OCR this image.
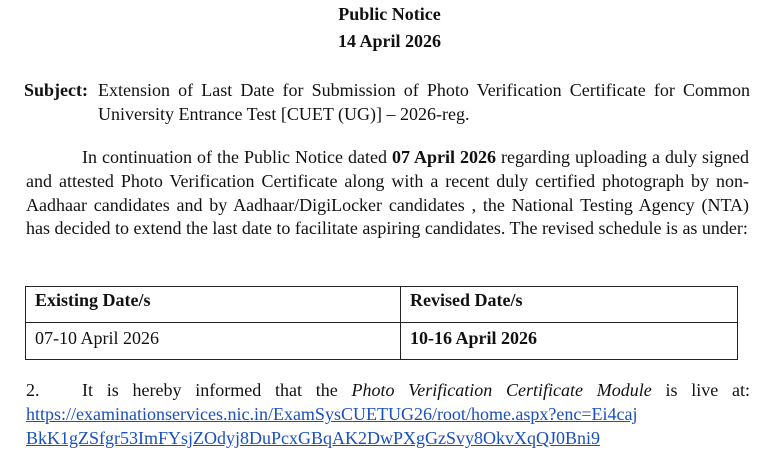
Public Notice
14 April 2026
Subject: Extension of Last Date for Submission of Photo Verification Certificate for Common University Entrance Test [CUET (UG)] – 2026-reg.
In continuation of the Public Notice dated 07 April 2026 regarding uploading a duly signed and attested Photo Verification Certificate along with a recent duly certified photograph by non-Aadhaar candidates and by Aadhaar/DigiLocker candidates , the National Testing Agency (NTA) has decided to extend the last date to facilitate aspiring candidates. The revised schedule is as under:
Existing Date/s	Revised Date/s
07-10 April 2026	10-16 April 2026
2.	It is hereby informed that the Photo Verification Certificate Module is live at:
https://examinationservices.nic.in/ExamSysCUETUG26/root/home.aspx?enc=Ei4caj
BkK1gZSfgr53ImFYsjZOdyj8DuPcxGBqAK2DwPXgGzSvy8OkvXqQJ0Bni9
